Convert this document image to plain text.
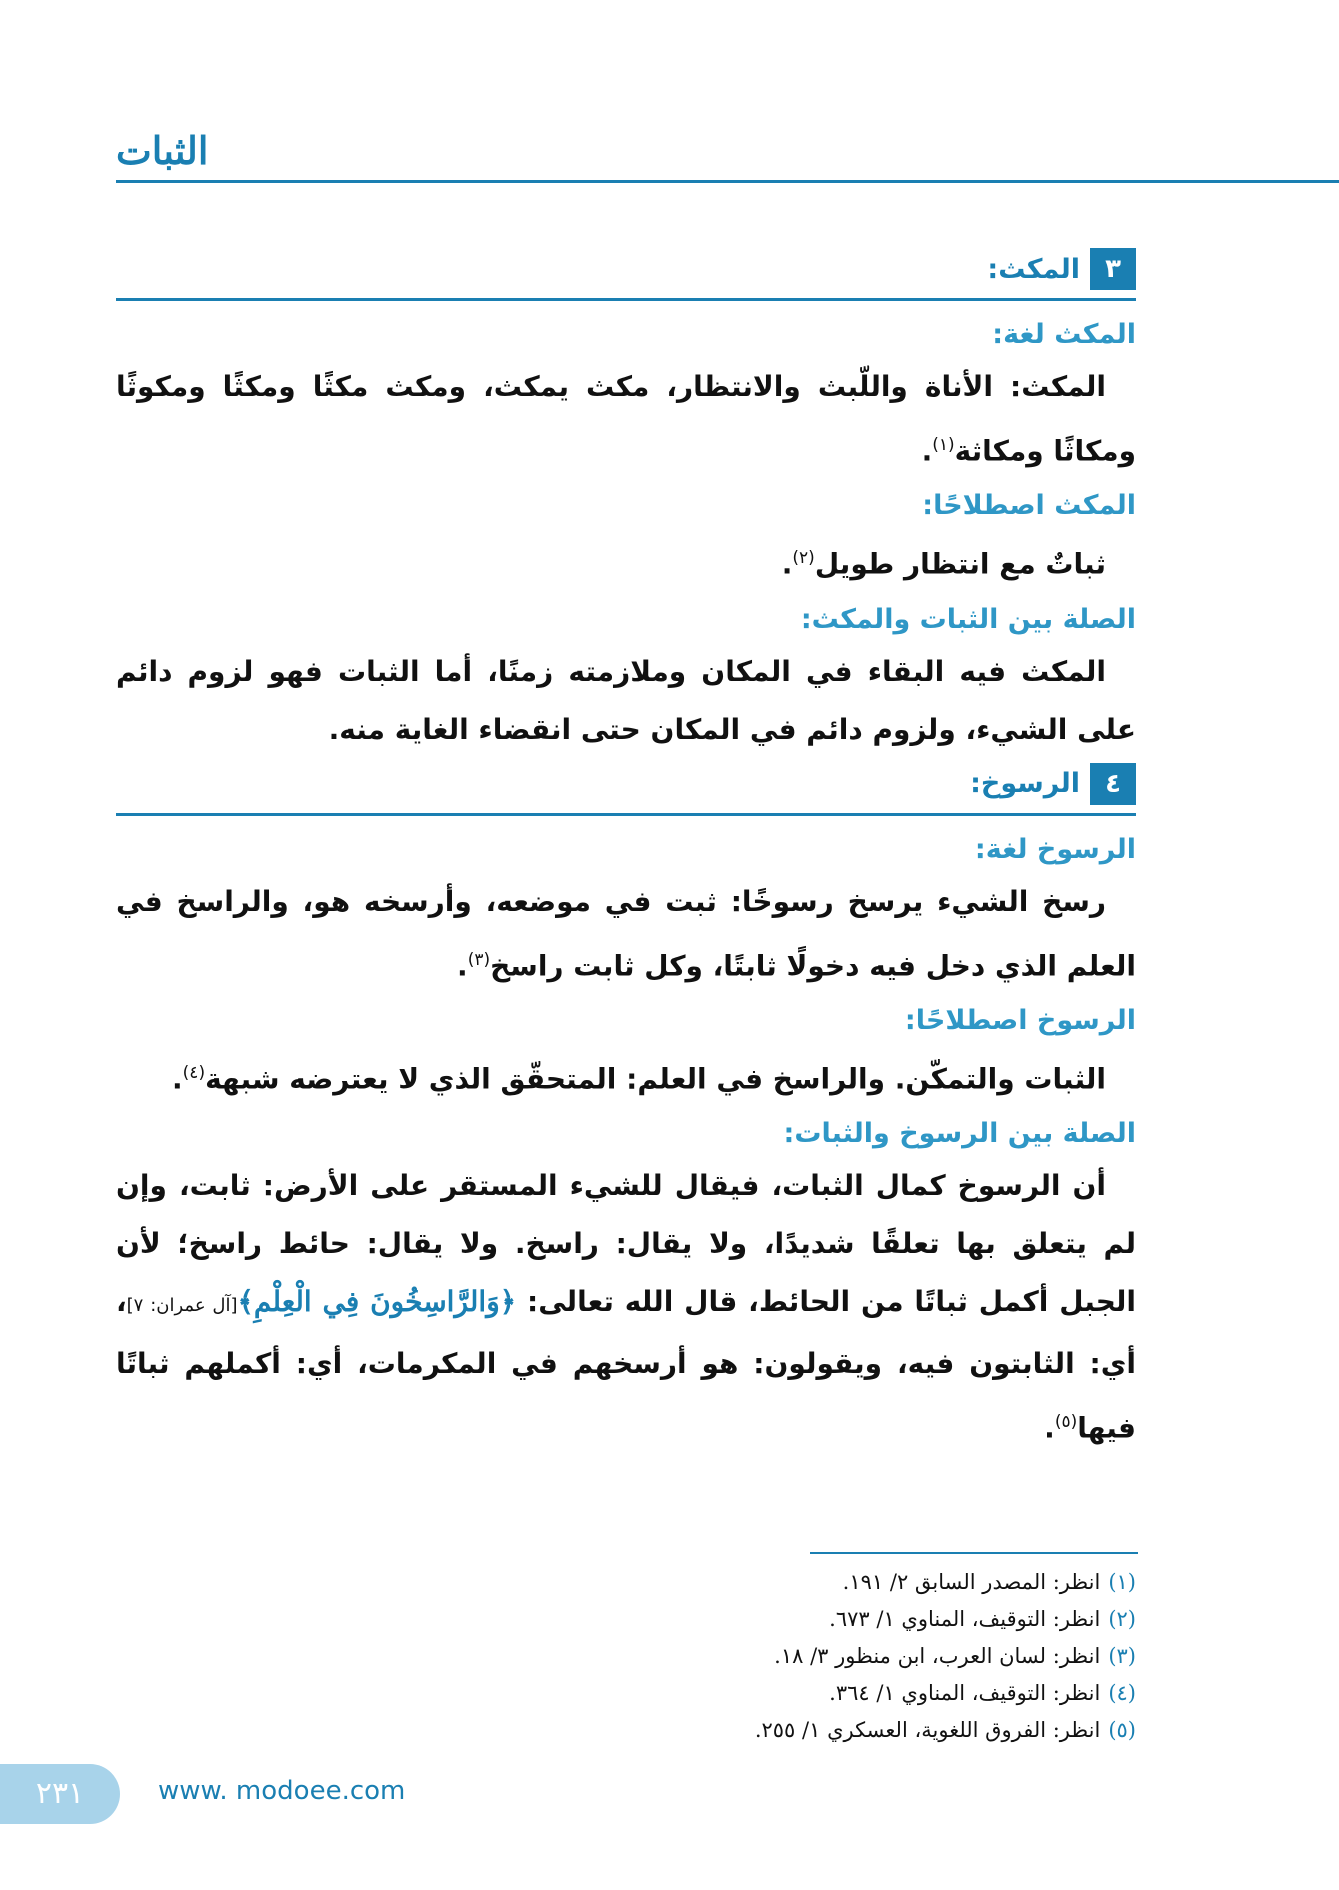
الثبات
٣
المكث:
المكث لغة:

المكث: الأناة واللّبث والانتظار، مكث يمكث، ومكث مكثًا ومكثًا ومكوثًا ومكاثًا ومكاثة$^{(١)}$.

المكث اصطلاحًا:

ثباتٌ مع انتظار طويل$^{(٢)}$.

الصلة بين الثبات والمكث:

المكث فيه البقاء في المكان وملازمته زمنًا، أما الثبات فهو لزوم دائم على الشيء، ولزوم دائم في المكان حتى انقضاء الغاية منه.

٤
الرسوخ:
الرسوخ لغة:

رسخ الشيء يرسخ رسوخًا: ثبت في موضعه، وأرسخه هو، والراسخ في العلم الذي دخل فيه دخولًا ثابتًا، وكل ثابت راسخ$^{(٣)}$.

الرسوخ اصطلاحًا:

الثبات والتمكّن. والراسخ في العلم: المتحقّق الذي لا يعترضه شبهة$^{(٤)}$.

الصلة بين الرسوخ والثبات:

أن الرسوخ كمال الثبات، فيقال للشيء المستقر على الأرض: ثابت، وإن لم يتعلق بها تعلقًا شديدًا، ولا يقال: راسخ. ولا يقال: حائط راسخ؛ لأن الجبل أكمل ثباتًا من الحائط، قال الله تعالى: ﴿وَالرَّاسِخُونَ فِي الْعِلْمِ﴾[آل عمران: ٧]، أي: الثابتون فيه، ويقولون: هو أرسخهم في المكرمات، أي: أكملهم ثباتًا فيها$^{(٥)}$.

(١)انظر: المصدر السابق ٢/ ١٩١.
(٢)انظر: التوقيف، المناوي ١/ ٦٧٣.
(٣)انظر: لسان العرب، ابن منظور ٣/ ١٨.
(٤)انظر: التوقيف، المناوي ١/ ٣٦٤.
(٥)انظر: الفروق اللغوية، العسكري ١/ ٢٥٥.
٢٣١	www. modoee.com
